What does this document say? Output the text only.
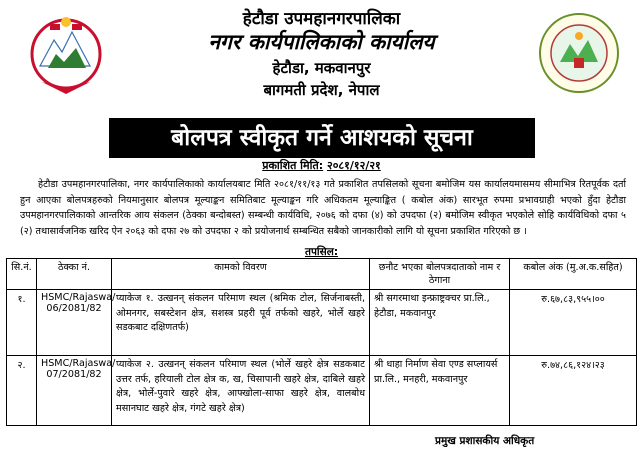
हेटौडा उपमहानगरपालिका
नगर कार्यपालिकाको कार्यालय
हेटौडा, मकवानपुर
बागमती प्रदेश, नेपाल
बोलपत्र स्वीकृत गर्ने आशयको सूचना
प्रकाशित मिति: २०८१/१२/२१

हेटौडा उपमहानगरपालिका, नगर कार्यपालिकाको कार्यालयबाट मिति २०८१/११/१३ गते प्रकाशित तपसिलको सूचना बमोजिम यस कार्यालयमासमय सीमाभित्र रितपूर्वक दर्ता हुन आएका बोलपत्रहरुको नियमानुसार बोलपत्र मूल्याङ्कन समितिबाट मूल्याङ्कन गरि अधिकतम मूल्याङ्कित ( कबोल अंक) सारभूत रुपमा प्रभावग्राही भएको हुँदा हेटौडा उपमहानगरपालिकाको आन्तरिक आय संकलन (ठेक्का बन्दोबस्त) सम्बन्धी कार्यविधि, २०७६ को दफा (४) को उपदफा (२) बमोजिम स्वीकृत भएकोले सोहि कार्यविधिको दफा ५ (२) तथासार्वजनिक खरिद ऐन २०६३ को दफा २७ को उपदफा २ को प्रयोजनार्थ सम्बन्धित सबैको जानकारीको लागि यो सूचना प्रकाशित गरिएको छ ।

तपसिल:
सि.नं.	ठेक्का नं.	कामको विवरण	छनौट भएका बोलपत्रदाताको नाम र ठेगाना	कबोल अंक (मु.अ.क.सहित)
१.	HSMC/Rajaswa/ 06/2081/82	प्याकेज १. उत्खनन् संकलन परिमाण स्थल (श्रमिक टोल, सिर्जनाबस्ती, ओमनगर, सबस्टेशन क्षेत्र, सशस्त्र प्रहरी पूर्व तर्फको खहरे, भोर्ले खहरे सडकबाट दक्षिणतर्फ)	श्री सगरमाथा इन्फ्राष्ट्रक्चर प्रा.लि., हेटौडा, मकवानपुर	रु.६७,८३,९५५।००
२.	HSMC/Rajaswa/ 07/2081/82	प्याकेज २. उत्खनन् संकलन परिमाण स्थल (भोर्ले खहरे क्षेत्र सडकबाट उत्तर तर्फ, हरियाली टोल क्षेत्र क, ख, चिसापानी खहरे क्षेत्र, दाबिले खहरे क्षेत्र, भोर्ले-पुवारे खहरे क्षेत्र, आफ्खोला-साफा खहरे क्षेत्र, वालबोध मसानघाट खहरे क्षेत्र, गंगटे खहरे क्षेत्र)	श्री धाहा निर्माण सेवा एण्ड सप्लायर्स प्रा.लि., मनहरी, मकवानपुर	रु.७४,८६,१२४।२३
प्रमुख प्रशासकीय अधिकृत
